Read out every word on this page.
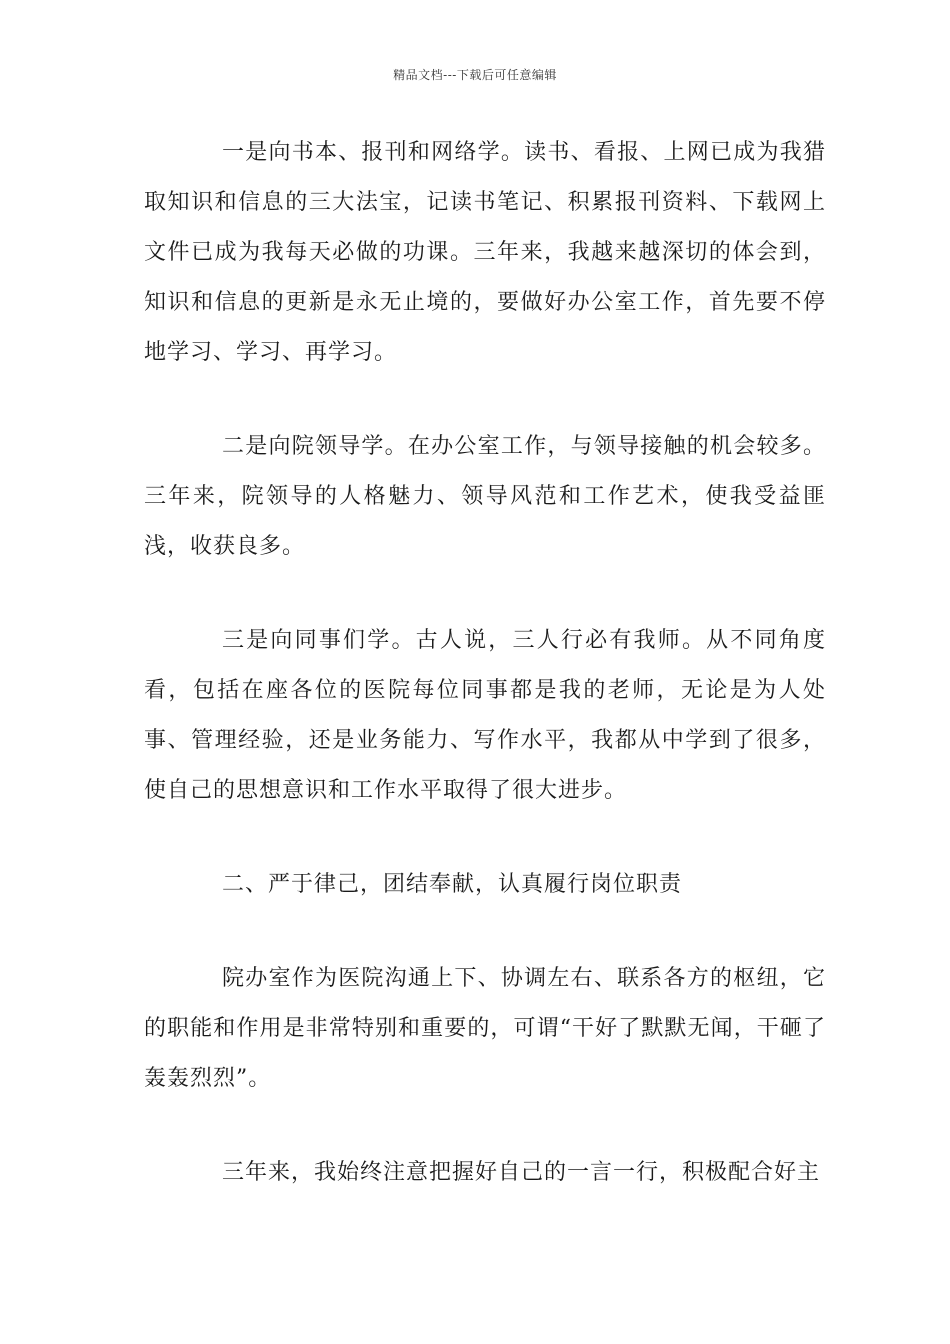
精品文档---下载后可任意编辑

一是向书本、报刊和网络学。读书、看报、上网已成为我猎取知识和信息的三大法宝，记读书笔记、积累报刊资料、下载网上文件已成为我每天必做的功课。三年来，我越来越深切的体会到，知识和信息的更新是永无止境的，要做好办公室工作，首先要不停地学习、学习、再学习。

二是向院领导学。在办公室工作，与领导接触的机会较多。三年来，院领导的人格魅力、领导风范和工作艺术，使我受益匪浅，收获良多。

三是向同事们学。古人说，三人行必有我师。从不同角度看，包括在座各位的医院每位同事都是我的老师，无论是为人处事、管理经验，还是业务能力、写作水平，我都从中学到了很多，使自己的思想意识和工作水平取得了很大进步。

二、严于律己，团结奉献，认真履行岗位职责

院办室作为医院沟通上下、协调左右、联系各方的枢纽，它的职能和作用是非常特别和重要的，可谓“干好了默默无闻，干砸了轰轰烈烈”。

三年来，我始终注意把握好自己的一言一行，积极配合好主
